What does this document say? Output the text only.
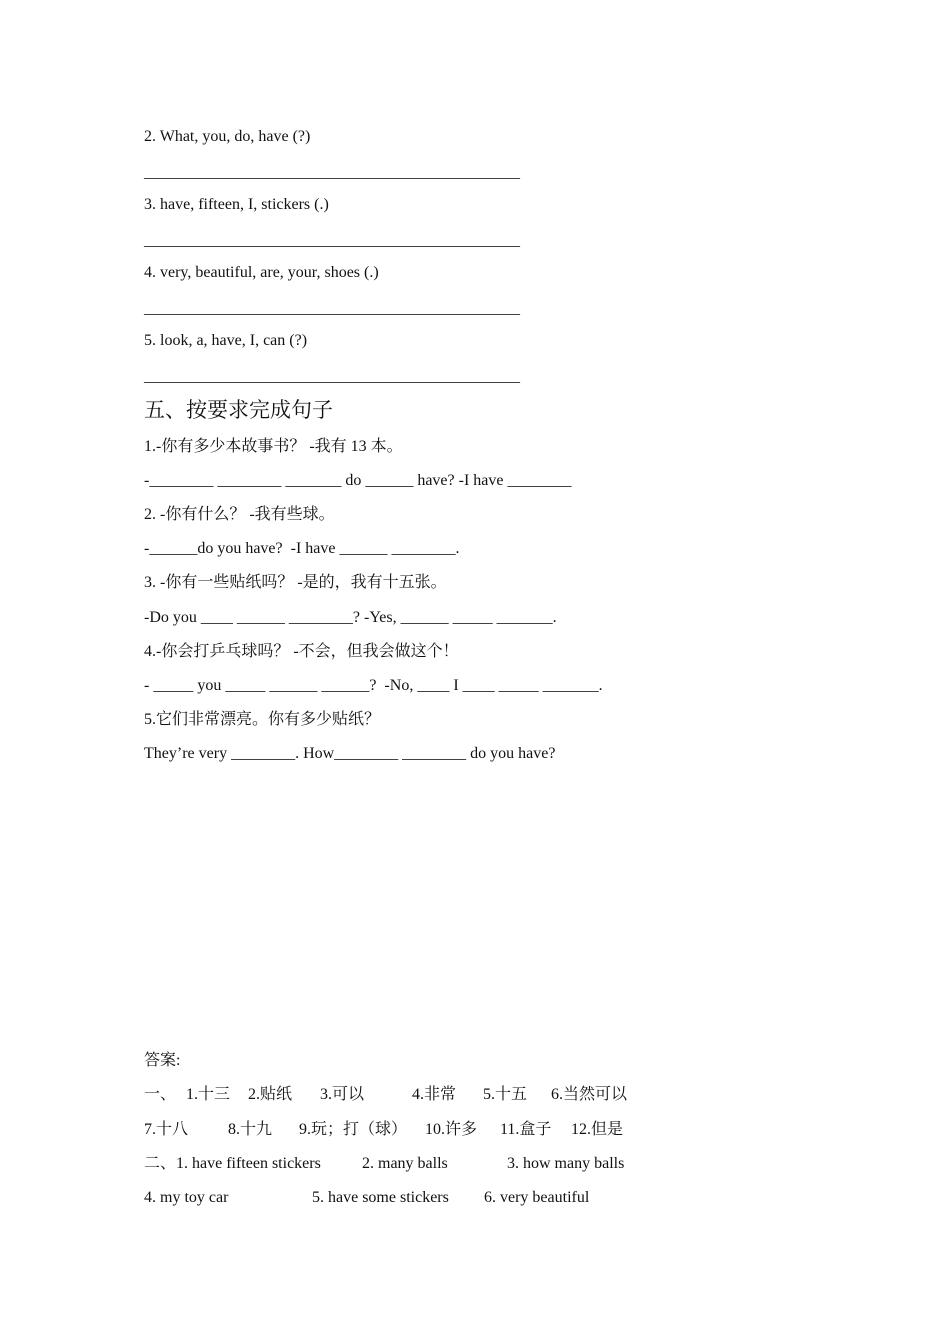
2. What, you, do, have (?)
_______________________________________________
3. have, fifteen, I, stickers (.)
_______________________________________________
4. very, beautiful, are, your, shoes (.)
_______________________________________________
5. look, a, have, I, can (?)
_______________________________________________
五、按要求完成句子
1.-你有多少本故事书？ -我有 13 本。
-________ ________ _______ do ______ have? -I have ________
2. -你有什么？ -我有些球。
-______do you have?  -I have ______ ________.
3. -你有一些贴纸吗？ -是的，我有十五张。
-Do you ____ ______ ________? -Yes, ______ _____ _______.
4.-你会打乒乓球吗？ -不会，但我会做这个！
- _____ you _____ ______ ______?  -No, ____ I ____ _____ _______.
5.它们非常漂亮。你有多少贴纸？
They’re very ________. How________ ________ do you have?
答案:
一、 1.十三 2.贴纸 3.可以	4.非常 5.十五 6.当然可以
7.十八 8.十九 9.玩；打（球） 10.许多 11.盒子 12.但是
二、1. have fifteen stickers	2. many balls	3. how many balls
4. my toy car	5. have some stickers 6. very beautiful
